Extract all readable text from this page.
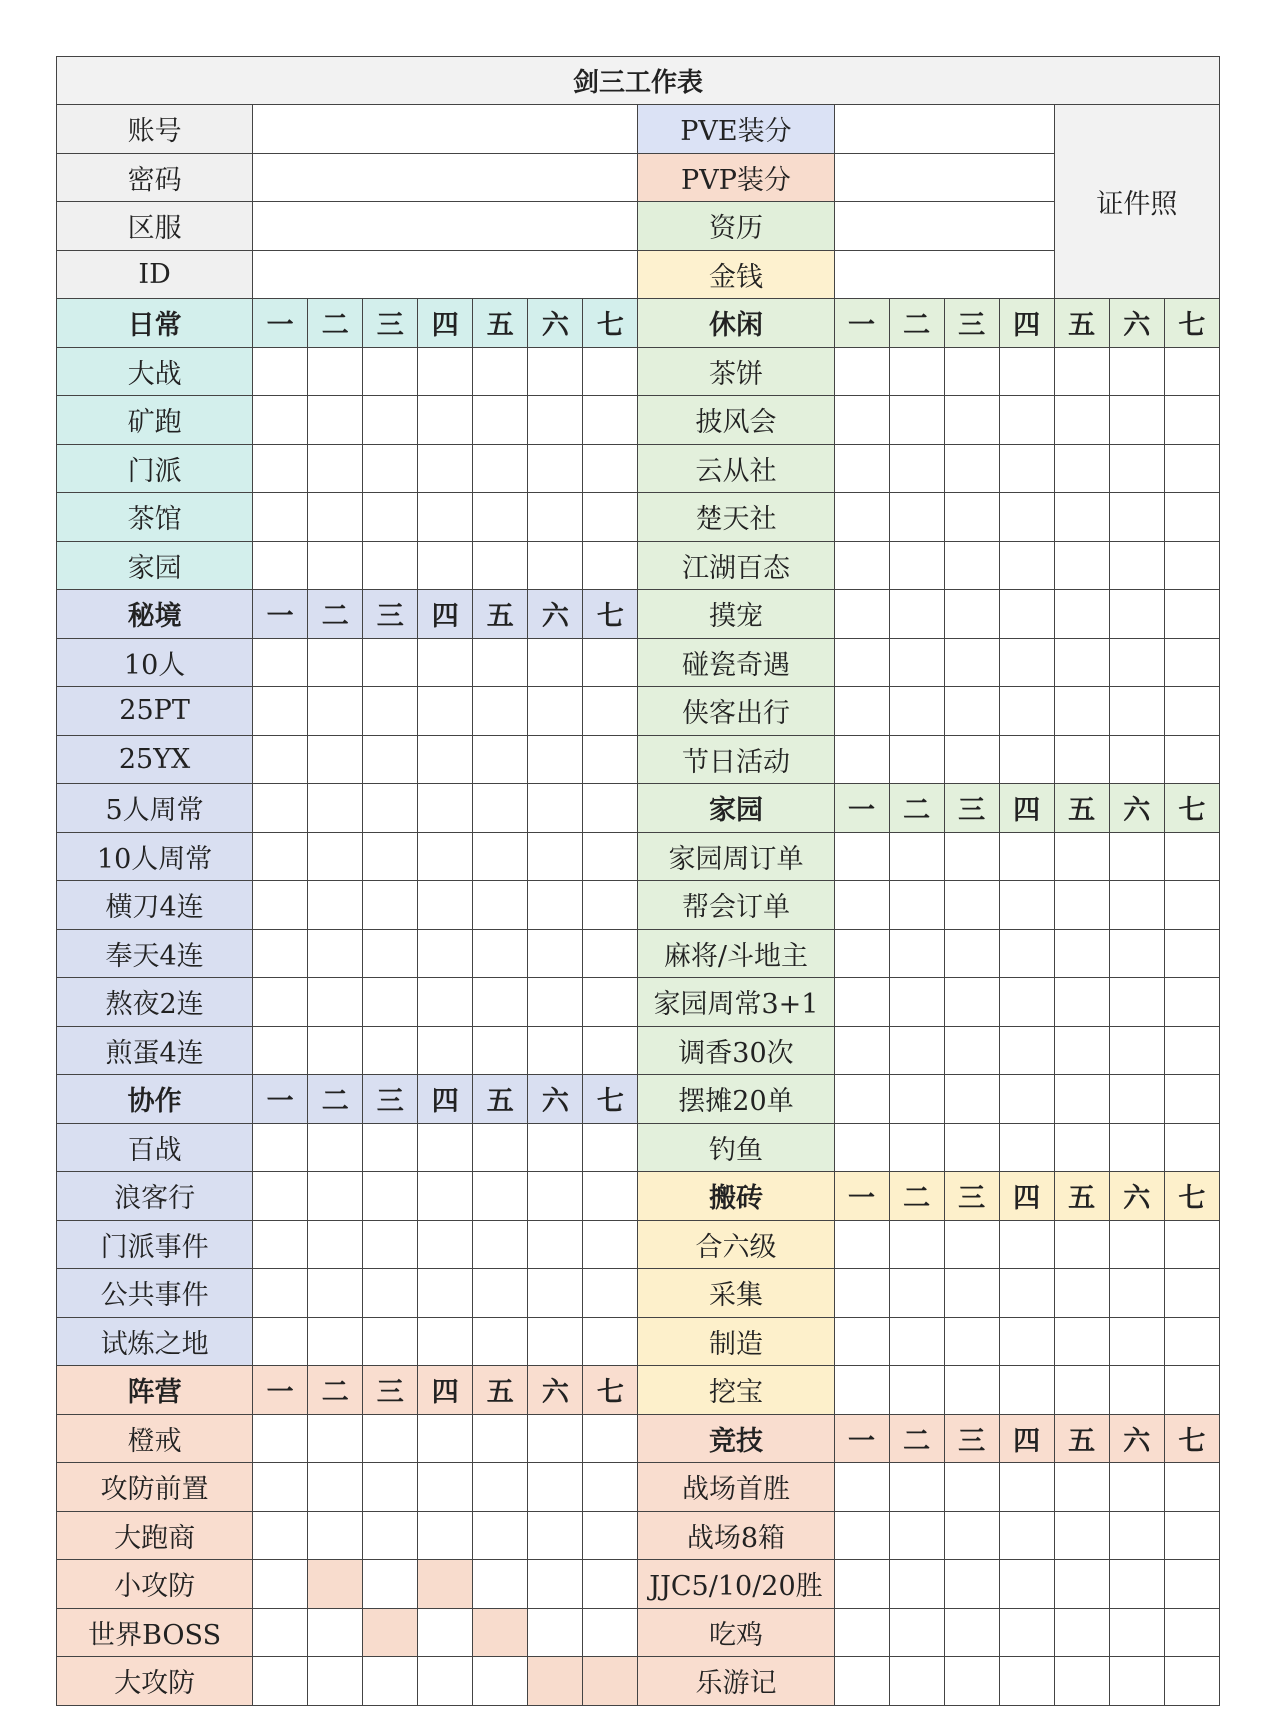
剑三工作表															
账号								PVE装分					证件照		
密码								PVP装分							
区服								资历							
ID								金钱							
日常	一	二	三	四	五	六	七	休闲	一	二	三	四	五	六	七
大战								茶饼							
矿跑								披风会							
门派								云从社							
茶馆								楚天社							
家园								江湖百态							
秘境	一	二	三	四	五	六	七	摸宠							
10人								碰瓷奇遇							
25PT								侠客出行							
25YX								节日活动							
5人周常								家园	一	二	三	四	五	六	七
10人周常								家园周订单							
横刀4连								帮会订单							
奉天4连								麻将/斗地主							
熬夜2连								家园周常3+1							
煎蛋4连								调香30次							
协作	一	二	三	四	五	六	七	摆摊20单							
百战								钓鱼							
浪客行								搬砖	一	二	三	四	五	六	七
门派事件								合六级							
公共事件								采集							
试炼之地								制造							
阵营	一	二	三	四	五	六	七	挖宝							
橙戒								竞技	一	二	三	四	五	六	七
攻防前置								战场首胜							
大跑商								战场8箱							
小攻防								JJC5/10/20胜							
世界BOSS								吃鸡							
大攻防								乐游记							
